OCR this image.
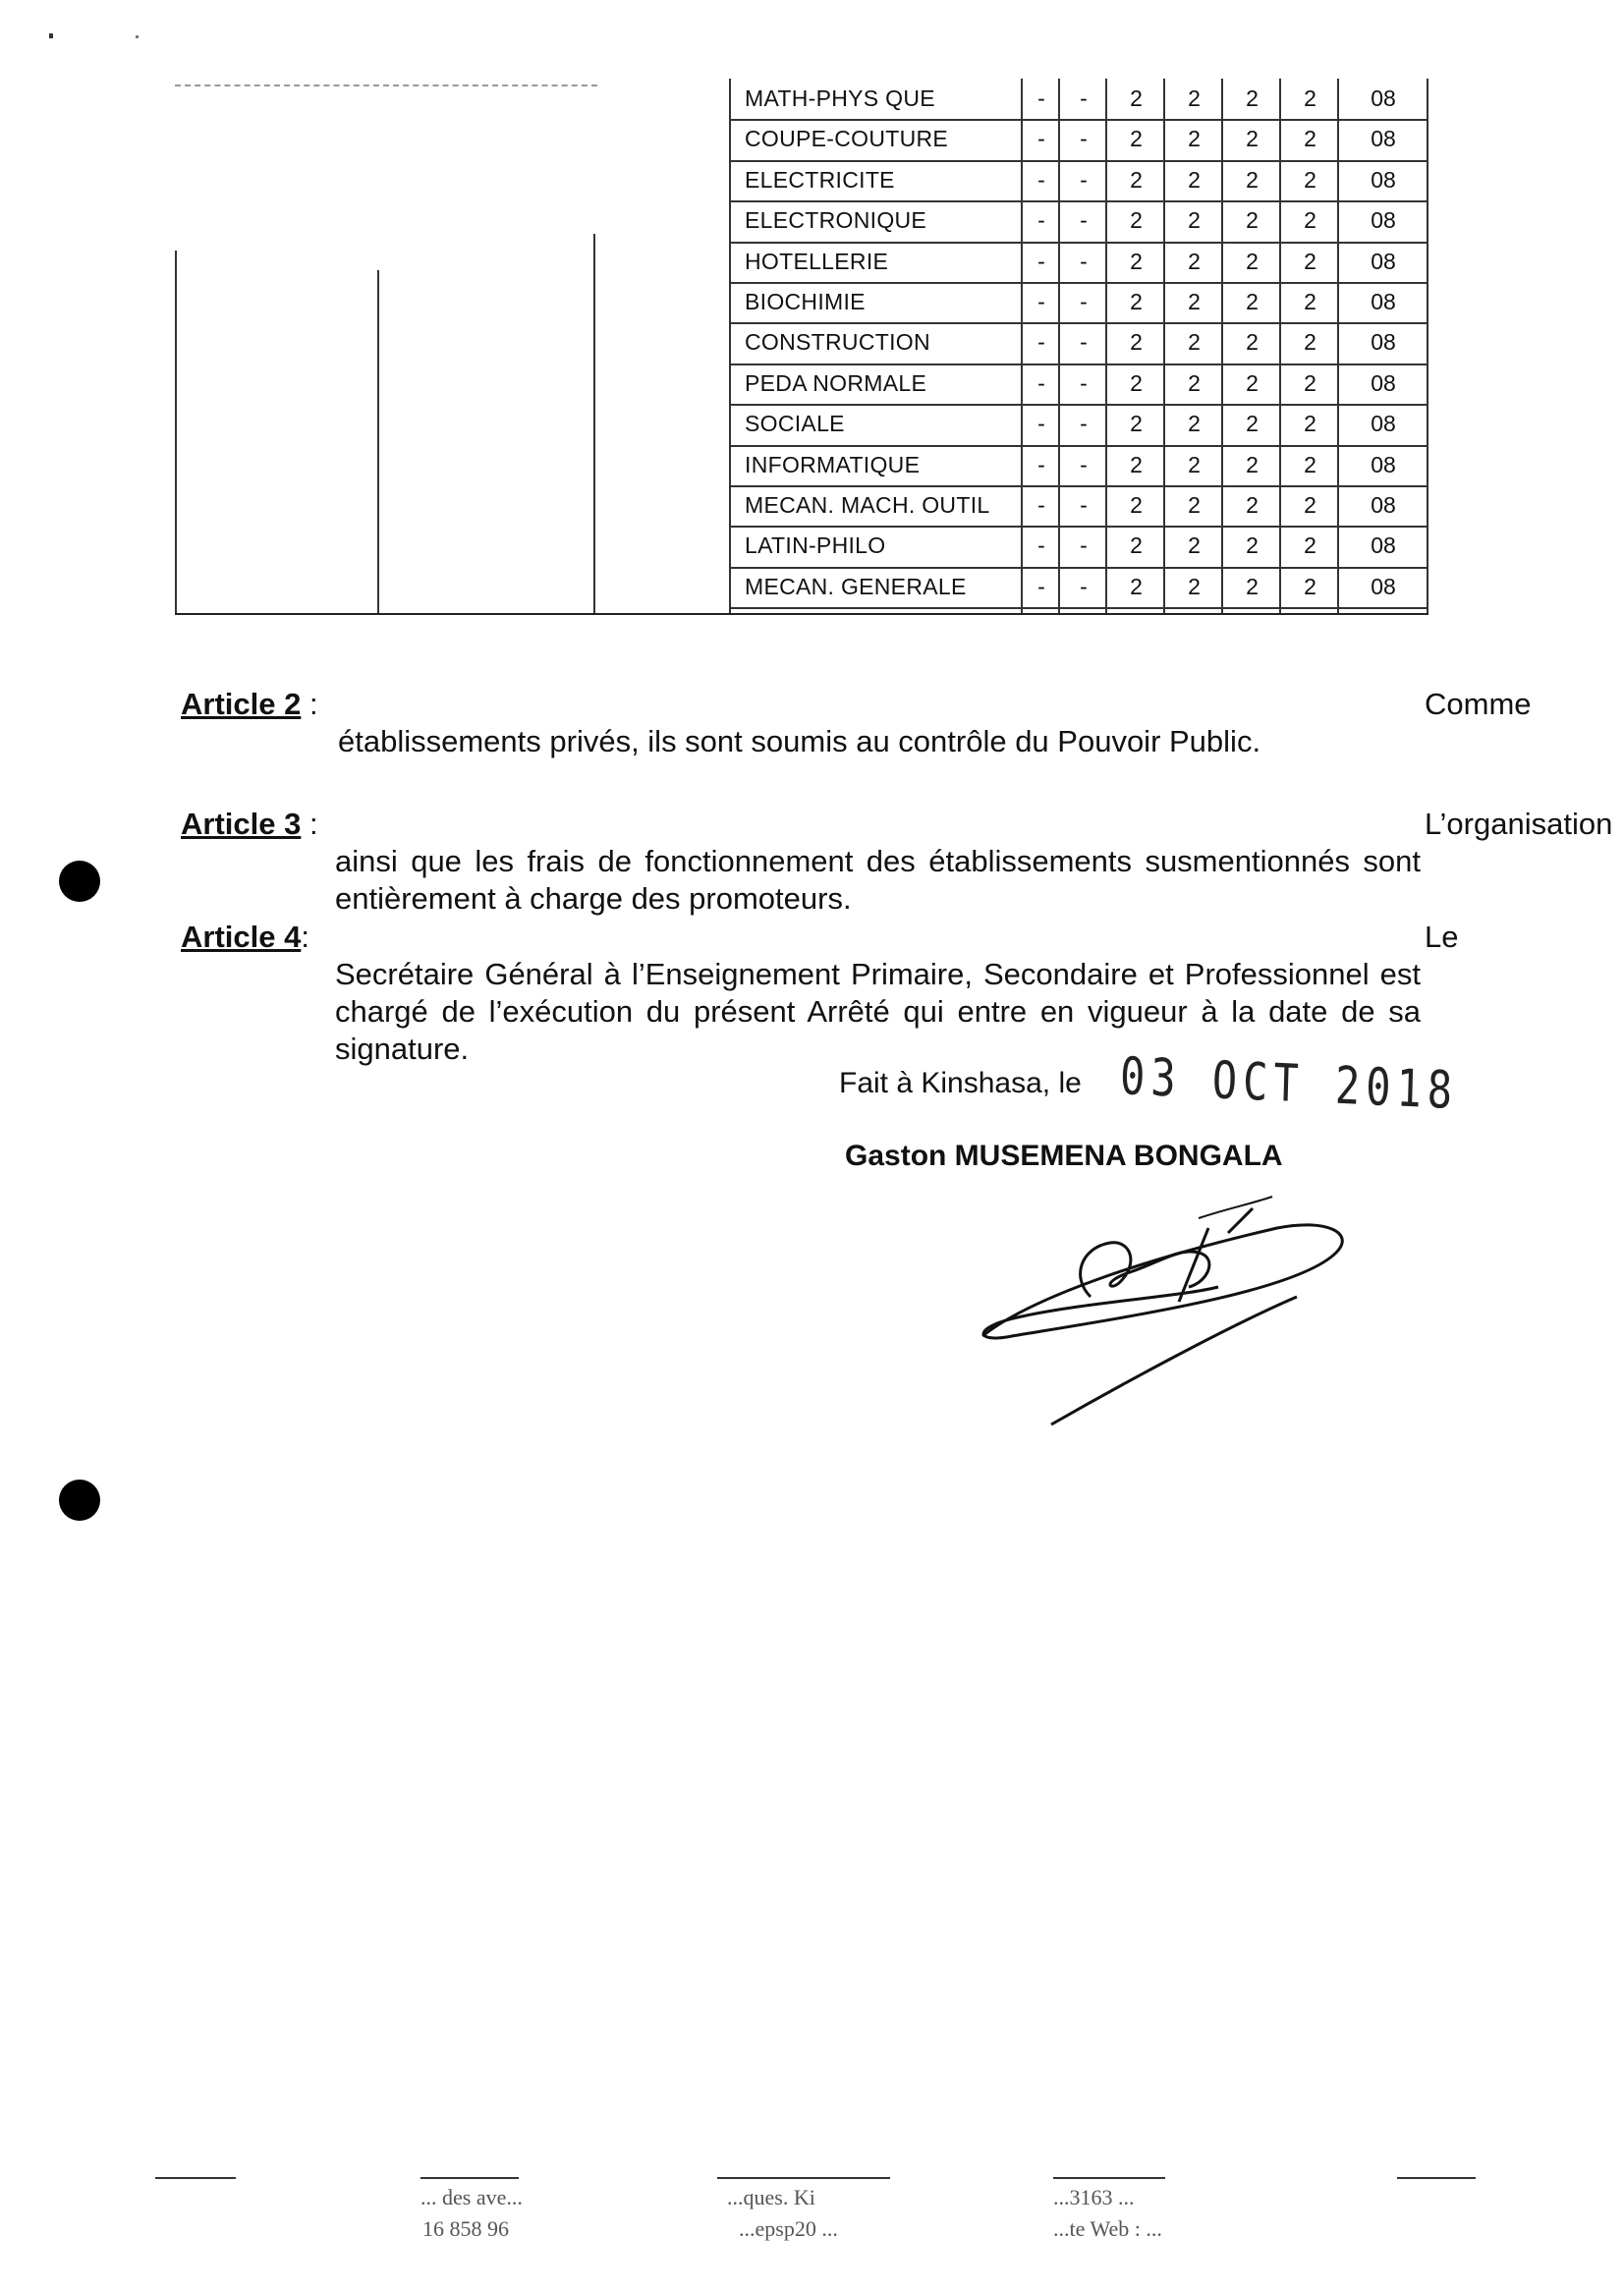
MATH-PHYS QUE	-	-	2	2	2	2	08
COUPE-COUTURE	-	-	2	2	2	2	08
ELECTRICITE	-	-	2	2	2	2	08
ELECTRONIQUE	-	-	2	2	2	2	08
HOTELLERIE	-	-	2	2	2	2	08
BIOCHIMIE	-	-	2	2	2	2	08
CONSTRUCTION	-	-	2	2	2	2	08
PEDA NORMALE	-	-	2	2	2	2	08
SOCIALE	-	-	2	2	2	2	08
INFORMATIQUE	-	-	2	2	2	2	08
MECAN. MACH. OUTIL	-	-	2	2	2	2	08
LATIN-PHILO	-	-	2	2	2	2	08
MECAN. GENERALE	-	-	2	2	2	2	08
Article 2 :	Comme établissements privés, ils sont soumis au contrôle du Pouvoir Public.
Article 3 :	L’organisation ainsi que les frais de fonctionnement des établissements susmentionnés sont entièrement à charge des promoteurs.
Article 4:	Le Secrétaire Général à l’Enseignement Primaire, Secondaire et Professionnel est chargé de l’exécution du présent Arrêté qui entre en vigueur à la date de sa signature.
Fait à Kinshasa, le 03 OCT 2018
Gaston MUSEMENA BONGALA
... des ave...
16 858 96
...ques. Ki
...epsp20 ...
...3163 ...
...te Web : ...
